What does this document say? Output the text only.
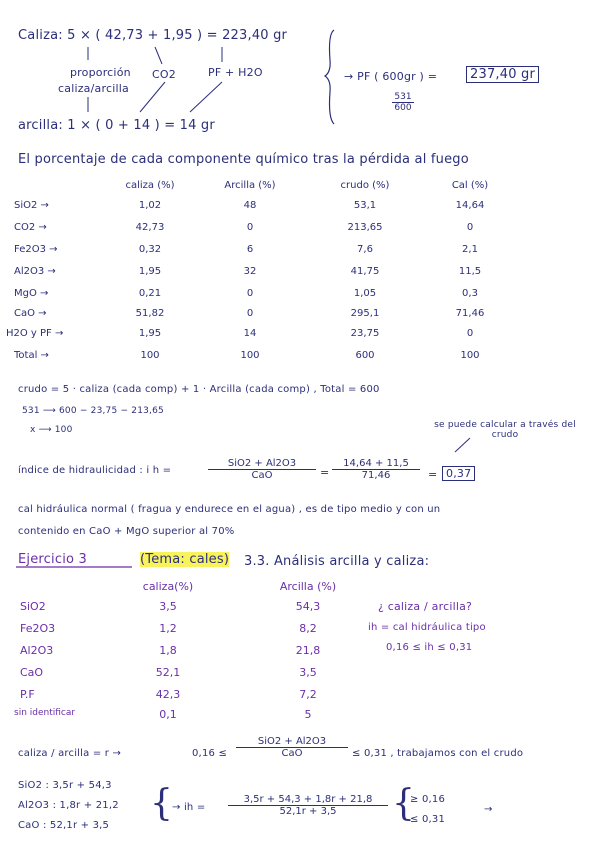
Caliza: 5 × ( 42,73 + 1,95 ) = 223,40 gr
proporción
caliza/arcilla
CO2	PF + H2O
arcilla: 1 × ( 0 + 14 ) = 14 gr
→ PF ( 600gr ) =	237,40 gr
$\frac{531}{600}$
El porcentaje de cada componente químico tras la pérdida al fuego
caliza (%)	Arcilla (%)	crudo (%)	Cal (%)
SiO2 →	1,02	48	53,1	14,64
CO2 →	42,73	0	213,65	0
Fe2O3 →	0,32	6	7,6	2,1
Al2O3 →	1,95	32	41,75	11,5
MgO →	0,21	0	1,05	0,3
CaO →	51,82	0	295,1	71,46
H2O y PF →	1,95	14	23,75	0
Total →	100	100	600	100
crudo = 5 · caliza (cada comp) + 1 · Arcilla (cada comp) , Total = 600
531 ⟶ 600 − 23,75 − 213,65
x ⟶ 100	se puede calcular a través del crudo
índice de hidraulicidad : i h =
SiO2 + Al2O3
CaO	= $\frac{14,64 + 11,5}{71,46} = 0,37$
cal hidráulica normal ( fragua y endurece en el agua) , es de tipo medio y con un
contenido en CaO + MgO superior al 70%
Ejercicio 3	(Tema: cales) 3.3. Análisis arcilla y caliza:
caliza(%)	Arcilla (%)
SiO2	3,5	54,3
Fe2O3	1,2	8,2
Al2O3	1,8	21,8
CaO	52,1	3,5
P.F	42,3	7,2
sin identificar	0,1	5
¿ caliza / arcilla?
ih = cal hidráulica tipo
0,16 ≤ ih ≤ 0,31
caliza / arcilla = r →	0,16 ≤
SiO2 + Al2O3
CaO	≤ 0,31 , trabajamos con el crudo
SiO2 : 3,5r + 54,3
Al2O3 : 1,8r + 21,2
CaO : 52,1r + 3,5
{ → ih = $\frac{3,5r + 54,3 + 1,8r + 21,8}{52,1r + 3,5}$ {
≥ 0,16
≤ 0,31
→
